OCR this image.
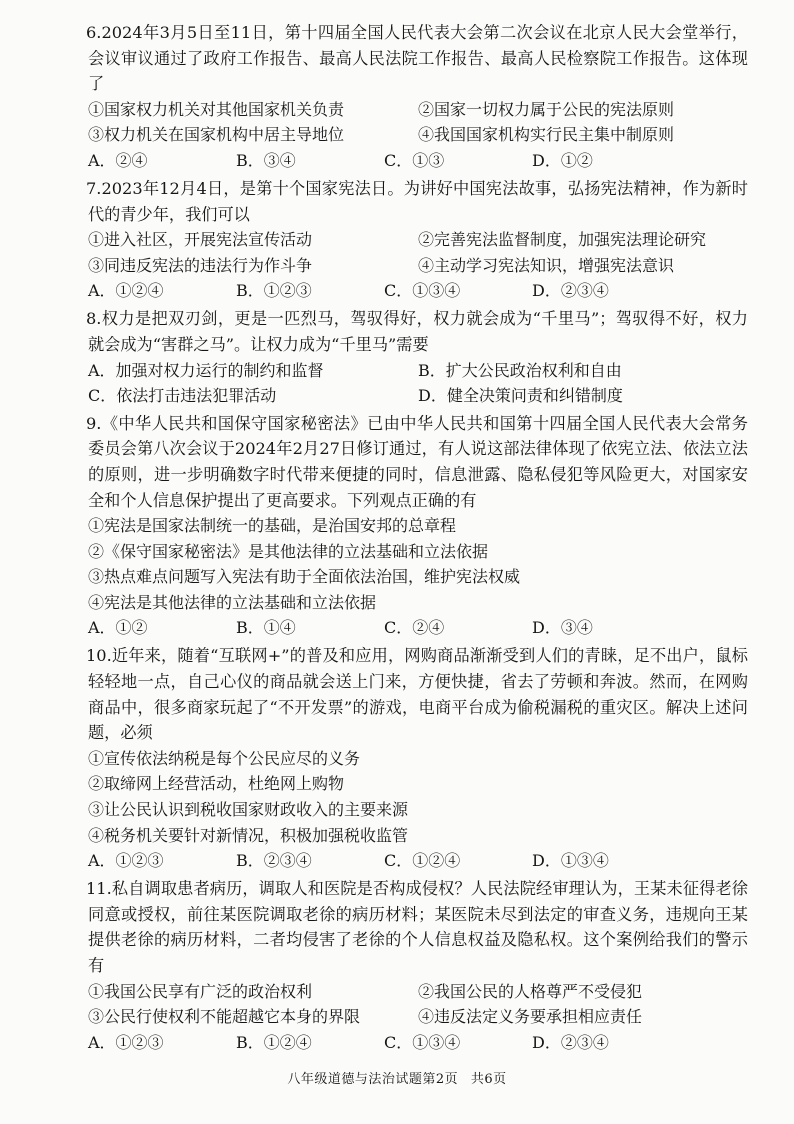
6.2024年3月5日至11日，第十四届全国人民代表大会第二次会议在北京人民大会堂举行，会议审议通过了政府工作报告、最高人民法院工作报告、最高人民检察院工作报告。这体现了
①国家权力机关对其他国家机关负责	②国家一切权力属于公民的宪法原则
③权力机关在国家机构中居主导地位	④我国国家机构实行民主集中制原则
A．②④	B．③④	C．①③	D．①②
7.2023年12月4日，是第十个国家宪法日。为讲好中国宪法故事，弘扬宪法精神，作为新时代的青少年，我们可以
①进入社区，开展宪法宣传活动	②完善宪法监督制度，加强宪法理论研究
③同违反宪法的违法行为作斗争	④主动学习宪法知识，增强宪法意识
A．①②④	B．①②③	C．①③④	D．②③④
8.权力是把双刃剑，更是一匹烈马，驾驭得好，权力就会成为“千里马”；驾驭得不好，权力就会成为“害群之马”。让权力成为“千里马”需要
A．加强对权力运行的制约和监督	B．扩大公民政治权利和自由
C．依法打击违法犯罪活动	D．健全决策问责和纠错制度
9.《中华人民共和国保守国家秘密法》已由中华人民共和国第十四届全国人民代表大会常务委员会第八次会议于2024年2月27日修订通过，有人说这部法律体现了依宪立法、依法立法的原则，进一步明确数字时代带来便捷的同时，信息泄露、隐私侵犯等风险更大，对国家安全和个人信息保护提出了更高要求。下列观点正确的有
①宪法是国家法制统一的基础，是治国安邦的总章程
②《保守国家秘密法》是其他法律的立法基础和立法依据
③热点难点问题写入宪法有助于全面依法治国，维护宪法权威
④宪法是其他法律的立法基础和立法依据
A．①②	B．①④	C．②④	D．③④
10.近年来，随着“互联网+”的普及和应用，网购商品渐渐受到人们的青睐，足不出户，鼠标轻轻地一点，自己心仪的商品就会送上门来，方便快捷，省去了劳顿和奔波。然而，在网购商品中，很多商家玩起了“不开发票”的游戏，电商平台成为偷税漏税的重灾区。解决上述问题，必须
①宣传依法纳税是每个公民应尽的义务
②取缔网上经营活动，杜绝网上购物
③让公民认识到税收国家财政收入的主要来源
④税务机关要针对新情况，积极加强税收监管
A．①②③	B．②③④	C．①②④	D．①③④
11.私自调取患者病历，调取人和医院是否构成侵权？人民法院经审理认为，王某未征得老徐同意或授权，前往某医院调取老徐的病历材料；某医院未尽到法定的审查义务，违规向王某提供老徐的病历材料，二者均侵害了老徐的个人信息权益及隐私权。这个案例给我们的警示有
①我国公民享有广泛的政治权利	②我国公民的人格尊严不受侵犯
③公民行使权利不能超越它本身的界限	④违反法定义务要承担相应责任
A．①②③	B．①②④	C．①③④	D．②③④
八年级道德与法治试题第2页 共6页
